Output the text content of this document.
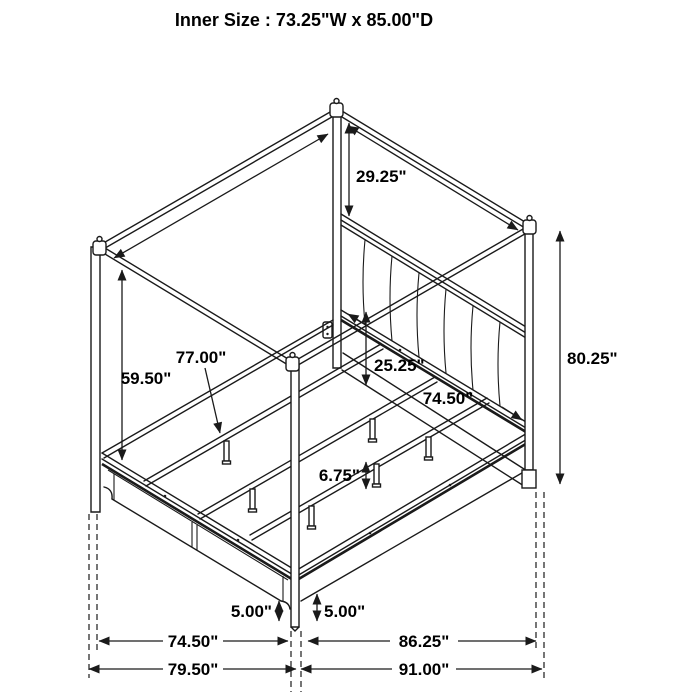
Inner Size : 73.25"W x 85.00"D
29.25"
80.25"
59.50"
77.00"	25.25"
74.50"
6.75"
5.00"	5.00"
74.50"	86.25"
79.50"	91.00"
